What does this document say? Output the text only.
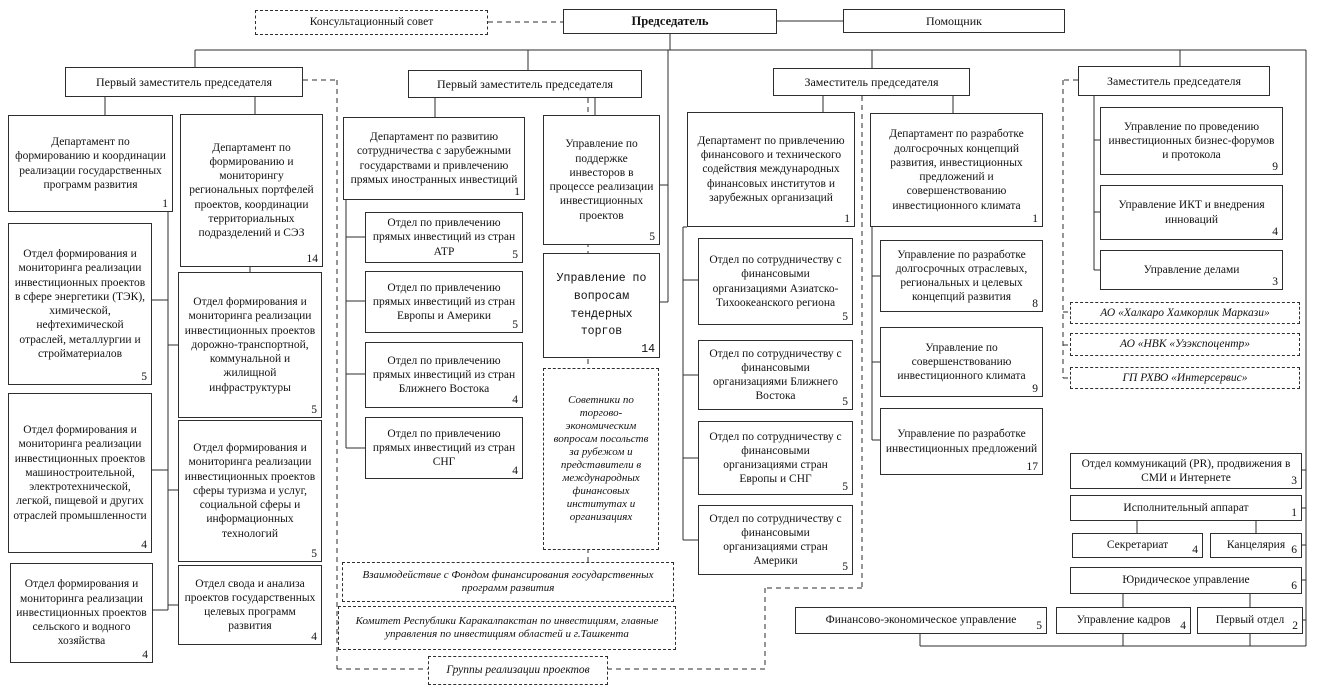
Консультационный совет	Председатель	Помощник
Первый заместитель председателя	Первый заместитель председателя	Заместитель председателя	Заместитель председателя
Департамент по формированию и координации реализации государственных программ развития
1
Отдел формирования и мониторинга реализации инвестиционных проектов в сфере энергетики (ТЭК), химической, нефтехимической отраслей, металлургии и стройматериалов
5
Отдел формирования и мониторинга реализации инвестиционных проектов машиностроительной, электротехнической, легкой, пищевой и других отраслей промышленности
4
Отдел формирования и мониторинга реализации инвестиционных проектов сельского и водного хозяйства
4
Департамент по формированию и мониторингу региональных портфелей проектов, координации территориальных подразделений и СЭЗ
14
Отдел формирования и мониторинга реализации инвестиционных проектов дорожно-транспортной, коммунальной и жилищной инфраструктуры
5
Отдел формирования и мониторинга реализации инвестиционных проектов сферы туризма и услуг, социальной сферы и информационных технологий
5
Отдел свода и анализа проектов государственных целевых программ развития
4
Департамент по развитию сотрудничества с зарубежными государствами и привлечению прямых иностранных инвестиций
1
Отдел по привлечению прямых инвестиций из стран АТР	5
Отдел по привлечению прямых инвестиций из стран Европы и Америки
5
Отдел по привлечению прямых инвестиций из стран Ближнего Востока
4
Отдел по привлечению прямых инвестиций из стран СНГ
4
Управление по поддержке инвесторов в процессе реализации инвестиционных проектов
5
Управление по вопросам тендерных торгов
14
Советники по торгово-экономическим вопросам посольств за рубежом и представители в международных финансовых институтах и организациях
Департамент по привлечению финансового и технического содействия международных финансовых институтов и зарубежных организаций
1
Отдел по сотрудничеству с финансовыми организациями Азиатско-Тихоокеанского региона
5
Отдел по сотрудничеству с финансовыми организациями Ближнего Востока
5
Отдел по сотрудничеству с финансовыми организациями стран Европы и СНГ
5
Отдел по сотрудничеству с финансовыми организациями стран Америки
5
Департамент по разработке долгосрочных концепций развития, инвестиционных предложений и совершенствованию инвестиционного климата
1
Управление по разработке долгосрочных отраслевых, региональных и целевых концепций развития
8
Управление по совершенствованию инвестиционного климата
9
Управление по разработке инвестиционных предложений
17
Управление по проведению инвестиционных бизнес-форумов и протокола
9
Управление ИКТ и внедрения инноваций
4
Управление делами
3
АО «Халкаро Хамкорлик Маркази»
АО «НВК «Узэкспоцентр»
ГП РХВО «Интерсервис»
Отдел коммуникаций (PR), продвижения в СМИ и Интернете	3
Исполнительный аппарат	1
Секретариат	4	Канцелярия 6
Юридическое управление	6
Управление кадров 4	Первый отдел 2
Финансово-экономическое управление	5
Взаимодействие с Фондом финансирования государственных программ развития
Комитет Республики Каракалпакстан по инвестициям, главные управления по инвестициям областей и г.Ташкента
Группы реализации проектов
